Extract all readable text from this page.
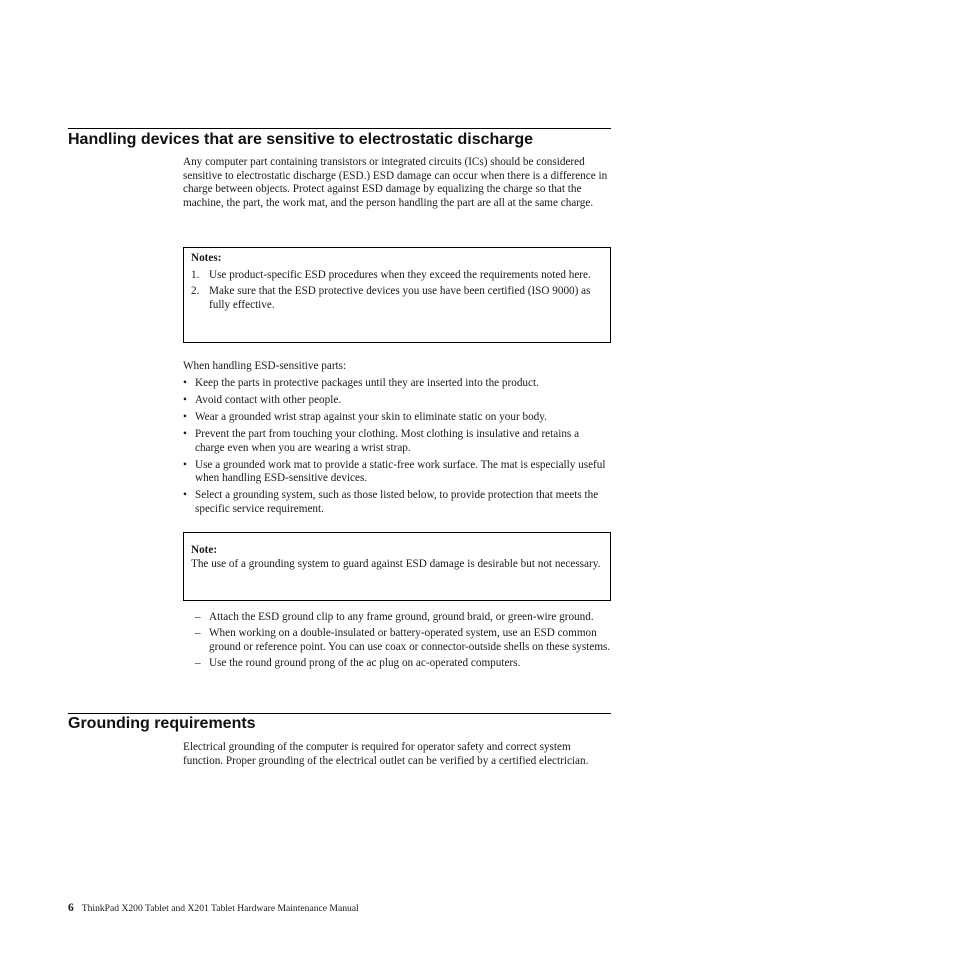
Handling devices that are sensitive to electrostatic discharge

Any computer part containing transistors or integrated circuits (ICs) should be considered sensitive to electrostatic discharge (ESD.) ESD damage can occur when there is a difference in charge between objects. Protect against ESD damage by equalizing the charge so that the machine, the part, the work mat, and the person handling the part are all at the same charge.

Notes:
1. Use product-specific ESD procedures when they exceed the requirements noted here.
2. Make sure that the ESD protective devices you use have been certified (ISO 9000) as fully effective.

When handling ESD-sensitive parts:

• Keep the parts in protective packages until they are inserted into the product.
• Avoid contact with other people.
• Wear a grounded wrist strap against your skin to eliminate static on your body.
• Prevent the part from touching your clothing. Most clothing is insulative and retains a charge even when you are wearing a wrist strap.
• Use a grounded work mat to provide a static-free work surface. The mat is especially useful when handling ESD-sensitive devices.
• Select a grounding system, such as those listed below, to provide protection that meets the specific service requirement.
Note:
The use of a grounding system to guard against ESD damage is desirable but not necessary.
– Attach the ESD ground clip to any frame ground, ground braid, or green-wire ground.
– When working on a double-insulated or battery-operated system, use an ESD common ground or reference point. You can use coax or connector-outside shells on these systems.
– Use the round ground prong of the ac plug on ac-operated computers.
Grounding requirements

Electrical grounding of the computer is required for operator safety and correct system function. Proper grounding of the electrical outlet can be verified by a certified electrician.

6 ThinkPad X200 Tablet and X201 Tablet Hardware Maintenance Manual
